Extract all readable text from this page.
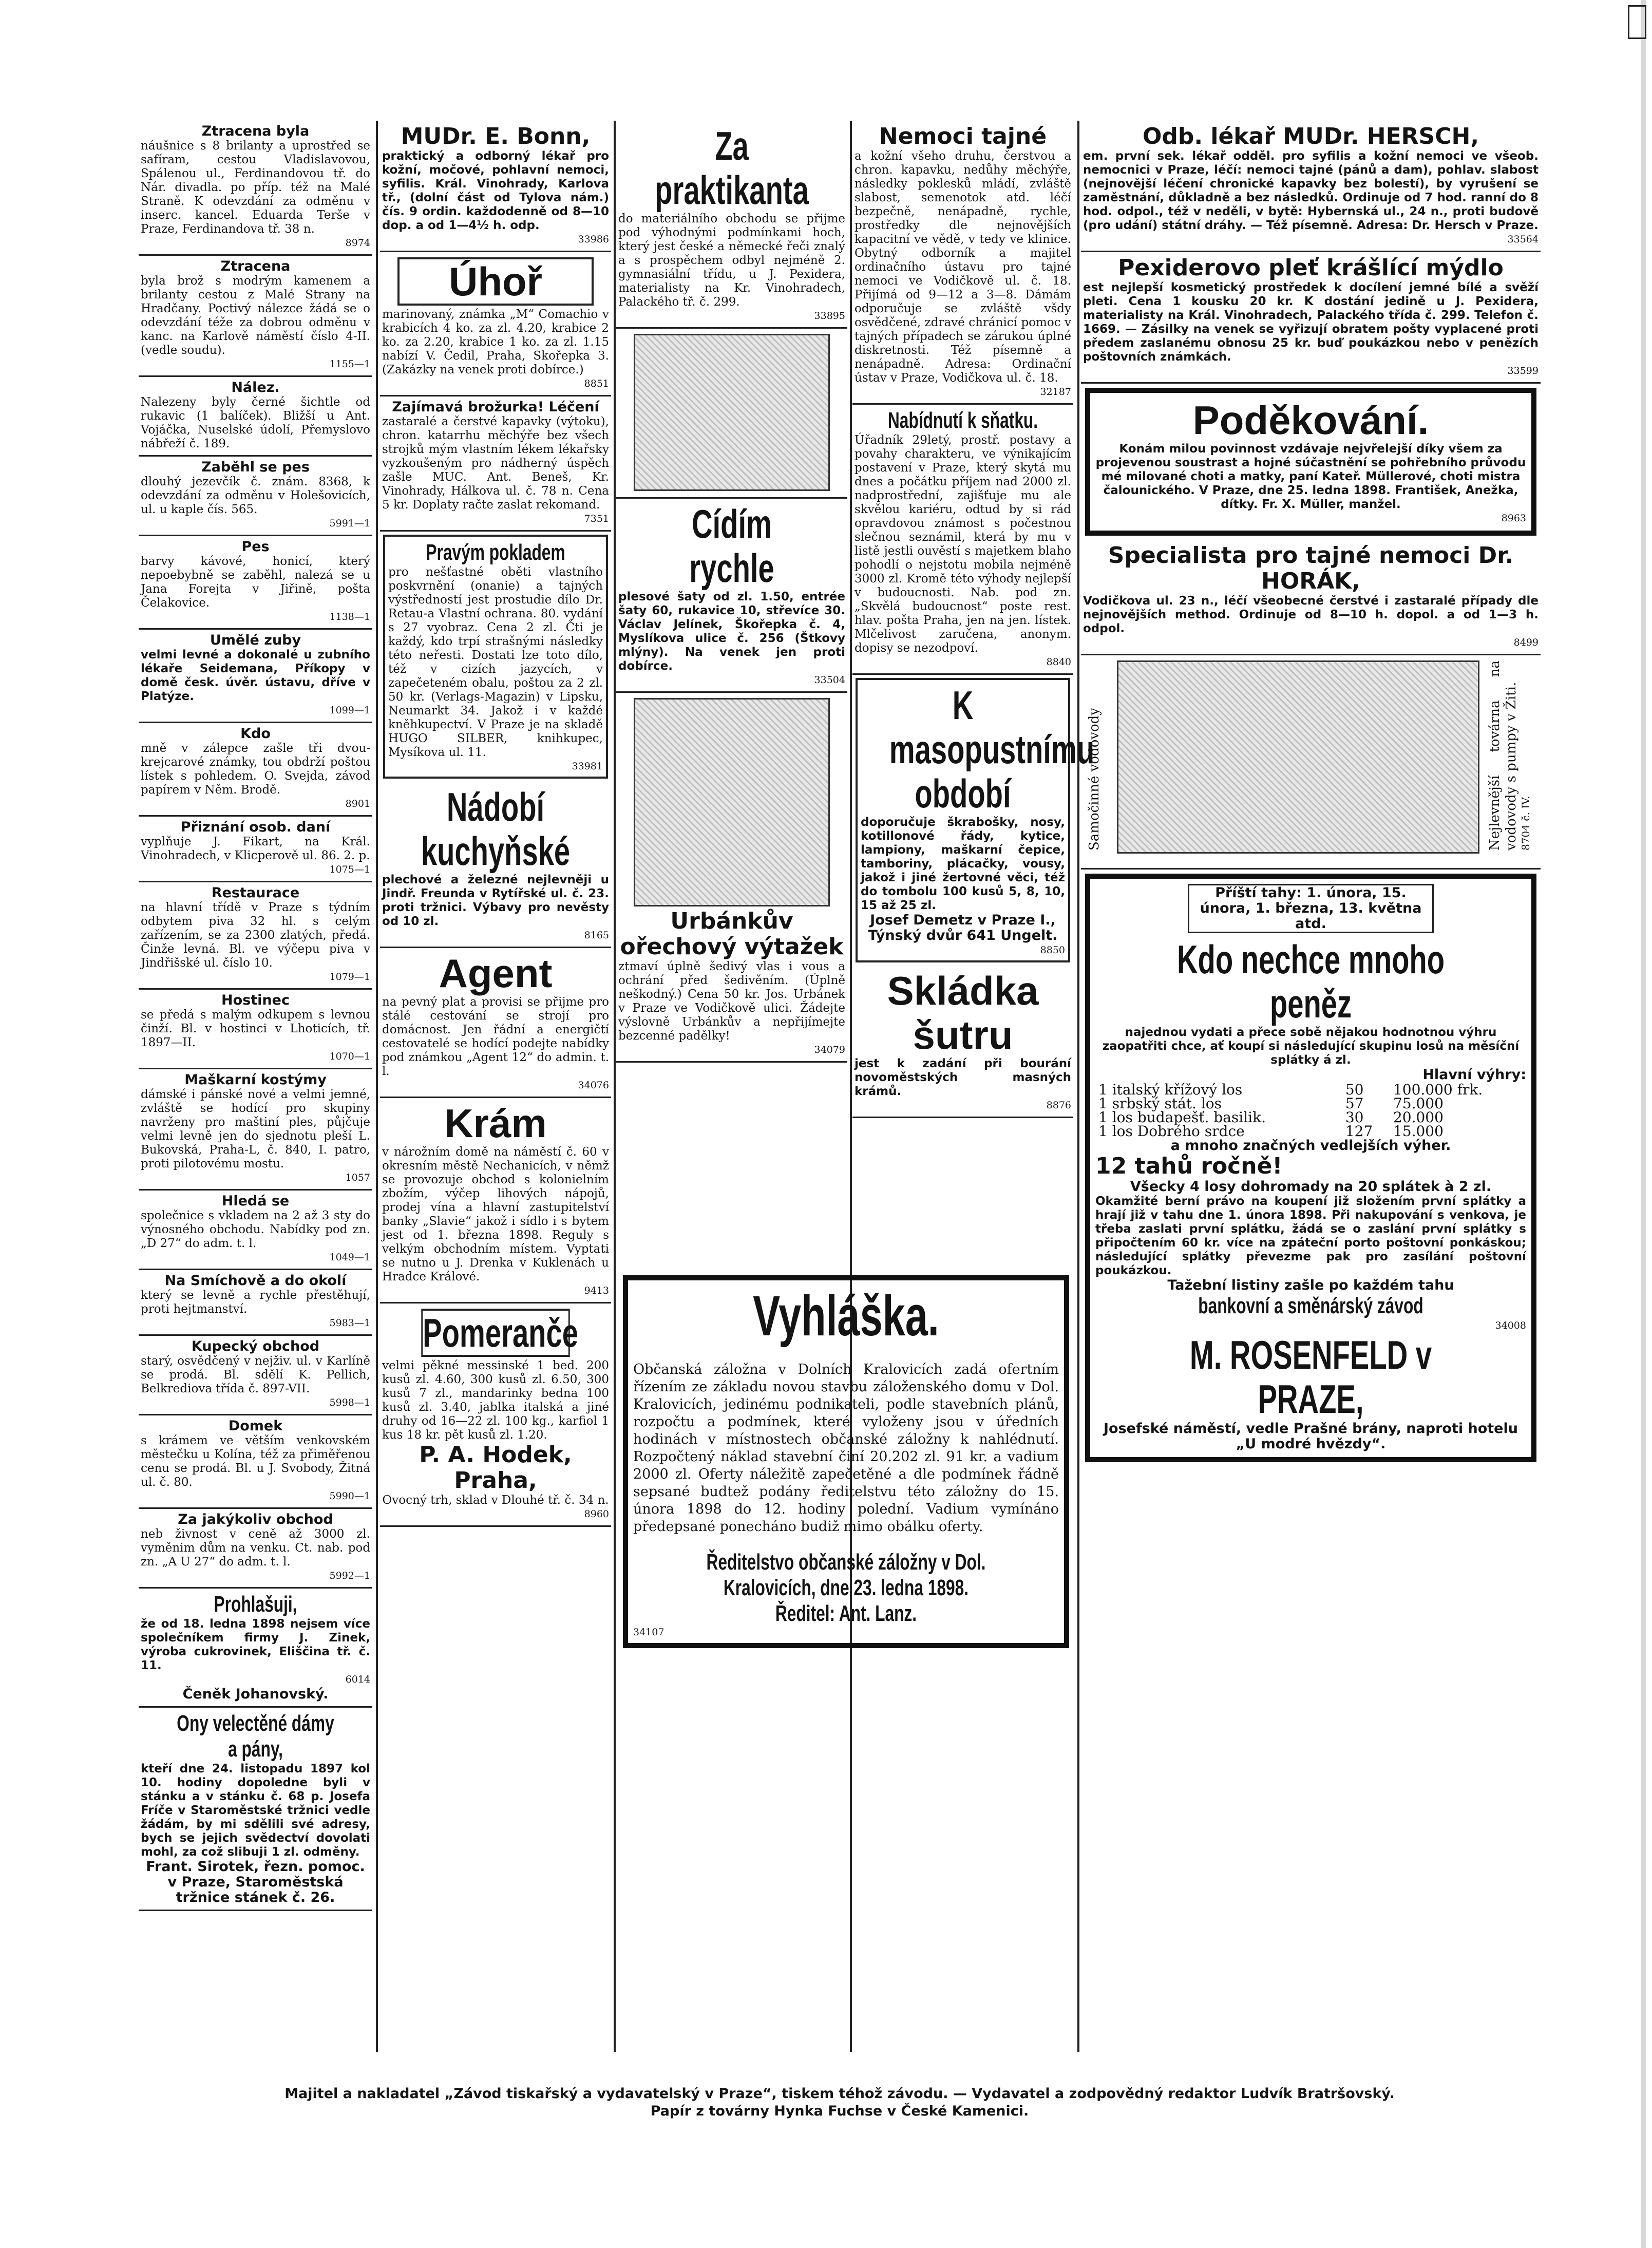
Ztracena byla

náušnice s 8 brilanty a uprostřed se safíram, cestou Vladislavovou, Spálenou ul., Ferdinandovou tř. do Nár. divadla. po příp. též na Malé Straně. K odevzdání za odměnu v inserc. kancel. Eduarda Terše v Praze, Ferdinandova tř. 38 n.

8974
Ztracena

byla brož s modrým kamenem a brilanty cestou z Malé Strany na Hradčany. Poctivý nálezce žádá se o odevzdání téže za dobrou odměnu v kanc. na Karlově náměstí číslo 4-II. (vedle soudu).

1155—1
Nález.

Nalezeny byly černé šichtle od rukavic (1 balíček). Bližší u Ant. Vojáčka, Nuselské údolí, Přemyslovo nábřeží č. 189.

Zaběhl se pes

dlouhý jezevčík č. znám. 8368, k odevzdání za odměnu v Holešovicích, ul. u kaple čís. 565.

5991—1
Pes

barvy kávové, honicí, který nepoebybně se zaběhl, nalezá se u Jana Forejta v Jiřině, pošta Čelakovice.

1138—1
Umělé zuby

velmi levné a dokonalé u zubního lékaře Seidemana, Příkopy v domě česk. úvěr. ústavu, dříve v Platýze.

1099—1
Kdo

mně v zálepce zašle tři dvou-krejcarové známky, tou obdrží poštou lístek s pohledem. O. Svejda, závod papírem v Něm. Brodě.

8901
Přiznání osob. daní

vyplňuje J. Fikart, na Král. Vinohradech, v Klicperově ul. 86. 2. p.

1075—1
Restaurace

na hlavní třídě v Praze s týdním odbytem piva 32 hl. s celým zařízením, se za 2300 zlatých, předá. Činže levná. Bl. ve výčepu piva v Jindřišské ul. číslo 10.

1079—1
Hostinec

se předá s malým odkupem s levnou činží. Bl. v hostinci v Lhoticích, tř. 1897—II.

1070—1
Maškarní kostýmy

dámské i pánské nové a velmi jemné, zvláště se hodící pro skupiny navrženy pro maštiní ples, půjčuje velmi levně jen do sjednotu pleší L. Bukovská, Praha-L, č. 840, I. patro, proti pilotovému mostu.

1057
Hledá se

společnice s vkladem na 2 až 3 sty do výnosného obchodu. Nabídky pod zn. „D 27“ do adm. t. l.

1049—1
Na Smíchově a do okolí

který se levně a rychle přestěhují, proti hejtmanství.

5983—1
Kupecký obchod

starý, osvědčený v nejživ. ul. v Karlíně se prodá. Bl. sdělí K. Pellich, Belkrediova třída č. 897-VII.

5998—1
Domek

s krámem ve větším venkovském městečku u Kolína, též za přiměřenou cenu se prodá. Bl. u J. Svobody, Žitná ul. č. 80.

5990—1
Za jakýkoliv obchod

neb živnost v ceně až 3000 zl. vyměnim dům na venku. Ct. nab. pod zn. „A U 27“ do adm. t. l.

5992—1
Prohlašuji,

že od 18. ledna 1898 nejsem více společníkem firmy J. Zinek, výroba cukrovinek, Eliščina tř. č. 11.

6014
Čeněk Johanovský.
Ony velectěné dámy a pány,

kteří dne 24. listopadu 1897 kol 10. hodiny dopoledne byli v stánku a v stánku č. 68 p. Josefa Fríče v Staroměstské tržnici vedle žádám, by mi sdělili své adresy, bych se jejich svědectví dovolati mohl, za což slibuji 1 zl. odměny.

Frant. Sirotek, řezn. pomoc. v Praze, Staroměstská tržnice stánek č. 26.
MUDr. E. Bonn,

praktický a odborný lékař pro kožní, močové, pohlavní nemoci, syfilis. Král. Vinohrady, Karlova tř., (dolní část od Tylova nám.) čís. 9 ordin. každodenně od 8—10 dop. a od 1—4½ h. odp.

33986
Úhoř

marinovaný, známka „M“ Comachio v krabicích 4 ko. za zl. 4.20, krabice 2 ko. za 2.20, krabice 1 ko. za zl. 1.15 nabízí V. Čedil, Praha, Skořepka 3. (Zakázky na venek proti dobírce.)

8851
Zajímavá brožurka! Léčení

zastaralé a čerstvé kapavky (výtoku), chron. katarrhu měchýře bez všech strojků mým vlastním lékem lékařsky vyzkoušeným pro nádherný úspěch zašle MUC. Ant. Beneš, Kr. Vinohrady, Hálkova ul. č. 78 n. Cena 5 kr. Doplaty račte zaslat rekomand.

7351
Pravým pokladem

pro nešťastné oběti vlastního poskvrnění (onanie) a tajných výstředností jest prostudie dílo Dr. Retau-a Vlastní ochrana. 80. vydání s 27 vyobraz. Cena 2 zl. Čti je každý, kdo trpí strašnými následky této neřesti. Dostati lze toto dílo, též v cizích jazycích, v zapečeteném obalu, poštou za 2 zl. 50 kr. (Verlags-Magazin) v Lipsku, Neumarkt 34. Jakož i v každé kněhkupectví. V Praze je na skladě HUGO SILBER, knihkupec, Mysíkova ul. 11.

33981
Nádobí kuchyňské

plechové a železné nejlevněji u Jindř. Freunda v Rytířské ul. č. 23. proti tržnici. Výbavy pro nevěsty od 10 zl.

8165
Agent

na pevný plat a provisi se přijme pro stálé cestování se strojí pro domácnost. Jen řádní a energičtí cestovatelé se hodící podejte nabídky pod známkou „Agent 12“ do admin. t. l.

34076
Krám

v nárožním domě na náměstí č. 60 v okresním městě Nechanicích, v němž se provozuje obchod s kolonielním zbožím, výčep lihových nápojů, prodej vína a hlavní zastupitelství banky „Slavie“ jakož i sídlo i s bytem jest od 1. března 1898. Reguly s velkým obchodním místem. Vyptati se nutno u J. Drenka v Kuklenách u Hradce Králové.

9413
Pomeranče

velmi pěkné messinské 1 bed. 200 kusů zl. 4.60, 300 kusů zl. 6.50, 300 kusů 7 zl., mandarinky bedna 100 kusů zl. 3.40, jablka italská a jiné druhy od 16—22 zl. 100 kg., karfiol 1 kus 18 kr. pět kusů zl. 1.20.

P. A. Hodek, Praha,

Ovocný trh, sklad v Dlouhé tř. č. 34 n.

8960
Za praktikanta

do materiálního obchodu se přijme pod výhodnými podmínkami hoch, který jest české a německé řeči znalý a s prospěchem odbyl nejméně 2. gymnasiální třídu, u J. Pexidera, materialisty na Kr. Vinohradech, Palackého tř. č. 299.

33895
Cídím rychle

plesové šaty od zl. 1.50, entrée šaty 60, rukavice 10, střevíce 30. Václav Jelínek, Škořepka č. 4, Myslíkova ulice č. 256 (Štkovy mlýny). Na venek jen proti dobírce.

33504
Urbánkův ořechový výtažek

ztmaví úplně šedivý vlas i vous a ochrání před šedivěním. (Úplně neškodný.) Cena 50 kr. Jos. Urbánek v Praze ve Vodičkově ulici. Žádejte výslovně Urbánkův a nepřijímejte bezcenné padělky!

34079
Nemoci tajné

a kožní všeho druhu, čerstvou a chron. kapavku, nedůhy měchýře, následky poklesků mládí, zvláště slabost, semenotok atd. léčí bezpečně, nenápadně, rychle, prostředky dle nejnovějších kapacitní ve vědě, v tedy ve klinice. Obytný odborník a majitel ordinačního ústavu pro tajné nemoci ve Vodičkově ul. č. 18. Přijímá od 9—12 a 3—8. Dámám odporučuje se zvláště všdy osvědčené, zdravé chránicí pomoc v tajných případech se zárukou úplné diskretnosti. Též písemně a nenápadně. Adresa: Ordinační ústav v Praze, Vodičkova ul. č. 18.

32187
Nabídnutí k sňatku.

Úřadník 29letý, prostř. postavy a povahy charakteru, ve výnikajícím postavení v Praze, který skytá mu dnes a počátku příjem nad 2000 zl. nadprostřední, zajišťuje mu ale skvělou kariéru, odtud by si rád opravdovou známost s počestnou slečnou seznámil, která by mu v listě jestli ouvěstí s majetkem blaho pohodlí o nejstotu mobila nejméně 3000 zl. Kromě této výhody nejlepší v budoucnosti. Nab. pod zn. „Skvělá budoucnost“ poste rest. hlav. pošta Praha, jen na jen. lístek. Mlčelivost zaručena, anonym. dopisy se nezodpoví.

8840
K masopustnímu období

doporučuje škrabošky, nosy, kotillonové řády, kytice, lampiony, maškarní čepice, tamboriny, plácačky, vousy, jakož i jiné žertovné věci, též do tombolu 100 kusů 5, 8, 10, 15 až 25 zl.

Josef Demetz v Praze I., Týnský dvůr 641 Ungelt.
8850
Skládka šutru

jest k zadání při bourání novoměstských masných krámů.

8876
Odb. lékař MUDr. HERSCH,

em. první sek. lékař odděl. pro syfilis a kožní nemoci ve všeob. nemocnici v Praze, léčí: nemoci tajné (pánů a dam), pohlav. slabost (nejnovější léčení chronické kapavky bez bolestí), by vyrušení se zaměstnání, důkladně a bez následků. Ordinuje od 7 hod. ranní do 8 hod. odpol., též v neděli, v bytě: Hybernská ul., 24 n., proti budově (pro udání) státní dráhy. — Též písemně. Adresa: Dr. Hersch v Praze.

33564
Pexiderovo pleť krášlící mýdlo

est nejlepší kosmetický prostředek k docílení jemné bílé a svěží pleti. Cena 1 kousku 20 kr. K dostání jedině u J. Pexidera, materialisty na Král. Vinohradech, Palackého třída č. 299. Telefon č. 1669. — Zásilky na venek se vyřizují obratem pošty vyplacené proti předem zaslanému obnosu 25 kr. buď poukázkou nebo v penězích poštovních známkách.

33599
Poděkování.

Konám milou povinnost vzdávaje nejvřelejší díky všem za projevenou soustrast a hojné súčastnění se pohřebního průvodu mé milované choti a matky, paní Kateř. Müllerové, choti mistra čalounického. V Praze, dne 25. ledna 1898. František, Anežka, dítky. Fr. X. Müller, manžel.

8963
Specialista pro tajné nemoci Dr. HORÁK,

Vodičkova ul. 23 n., léčí všeobecné čerstvé i zastaralé případy dle nejnovějších method. Ordinuje od 8—10 h. dopol. a od 1—3 h. odpol.

8499
Samočinné vodovody	Nejlevnější továrna na vodovody s pumpy v Žiti. 8704 č. IV.
Příští tahy: 1. února, 15. února, 1. března, 13. května atd.
Kdo nechce mnoho peněz

najednou vydati a přece sobě nějakou hodnotnou výhru zaopatřiti chce, ať koupí si následující skupinu losů na měsíční splátky á zl.

Hlavní výhry:
1 italský křížový los	50	100.000 frk.
1 srbský stát. los	57	75.000
1 los budapešť. basilik.	30	20.000
1 los Dobrého srdce	127	15.000
a mnoho značných vedlejších výher.
12 tahů ročně!
Všecky 4 losy dohromady na 20 splátek à 2 zl.

Okamžité berní právo na koupení již složením první splátky a hrají již v tahu dne 1. února 1898. Při nakupování s venkova, je třeba zaslati první splátku, žádá se o zaslání první splátky s připočtením 60 kr. více na zpáteční porto poštovní ponkáskou; následující splátky převezme pak pro zasílání poštovní poukázkou.

Tažební listiny zašle po každém tahu
bankovní a směnárský závod
34008
M. ROSENFELD v PRAZE,
Josefské náměstí, vedle Prašné brány, naproti hotelu „U modré hvězdy“.
Vyhláška.

Občanská záložna v Dolních Kralovicích zadá ofertním řízením ze základu novou stavbu záloženského domu v Dol. Kralovicích, jedinému podnikateli, podle stavebních plánů, rozpočtu a podmínek, které vyloženy jsou v úředních hodinách v místnostech občanské záložny k nahlédnutí. Rozpočtený náklad stavební činí 20.202 zl. 91 kr. a vadium 2000 zl. Oferty náležitě zapečetěné a dle podmínek řádně sepsané budtež podány ředitelstvu této záložny do 15. února 1898 do 12. hodiny polední. Vadium vymínáno předepsané ponecháno budiž mimo obálku oferty.

Ředitelstvo občanské záložny v Dol. Kralovicích, dne 23. ledna 1898. Ředitel: Ant. Lanz.
34107
Majitel a nakladatel „Závod tiskařský a vydavatelský v Praze“, tiskem téhož závodu. — Vydavatel a zodpovědný redaktor Ludvík Bratršovský.
Papír z továrny Hynka Fuchse v České Kamenici.
